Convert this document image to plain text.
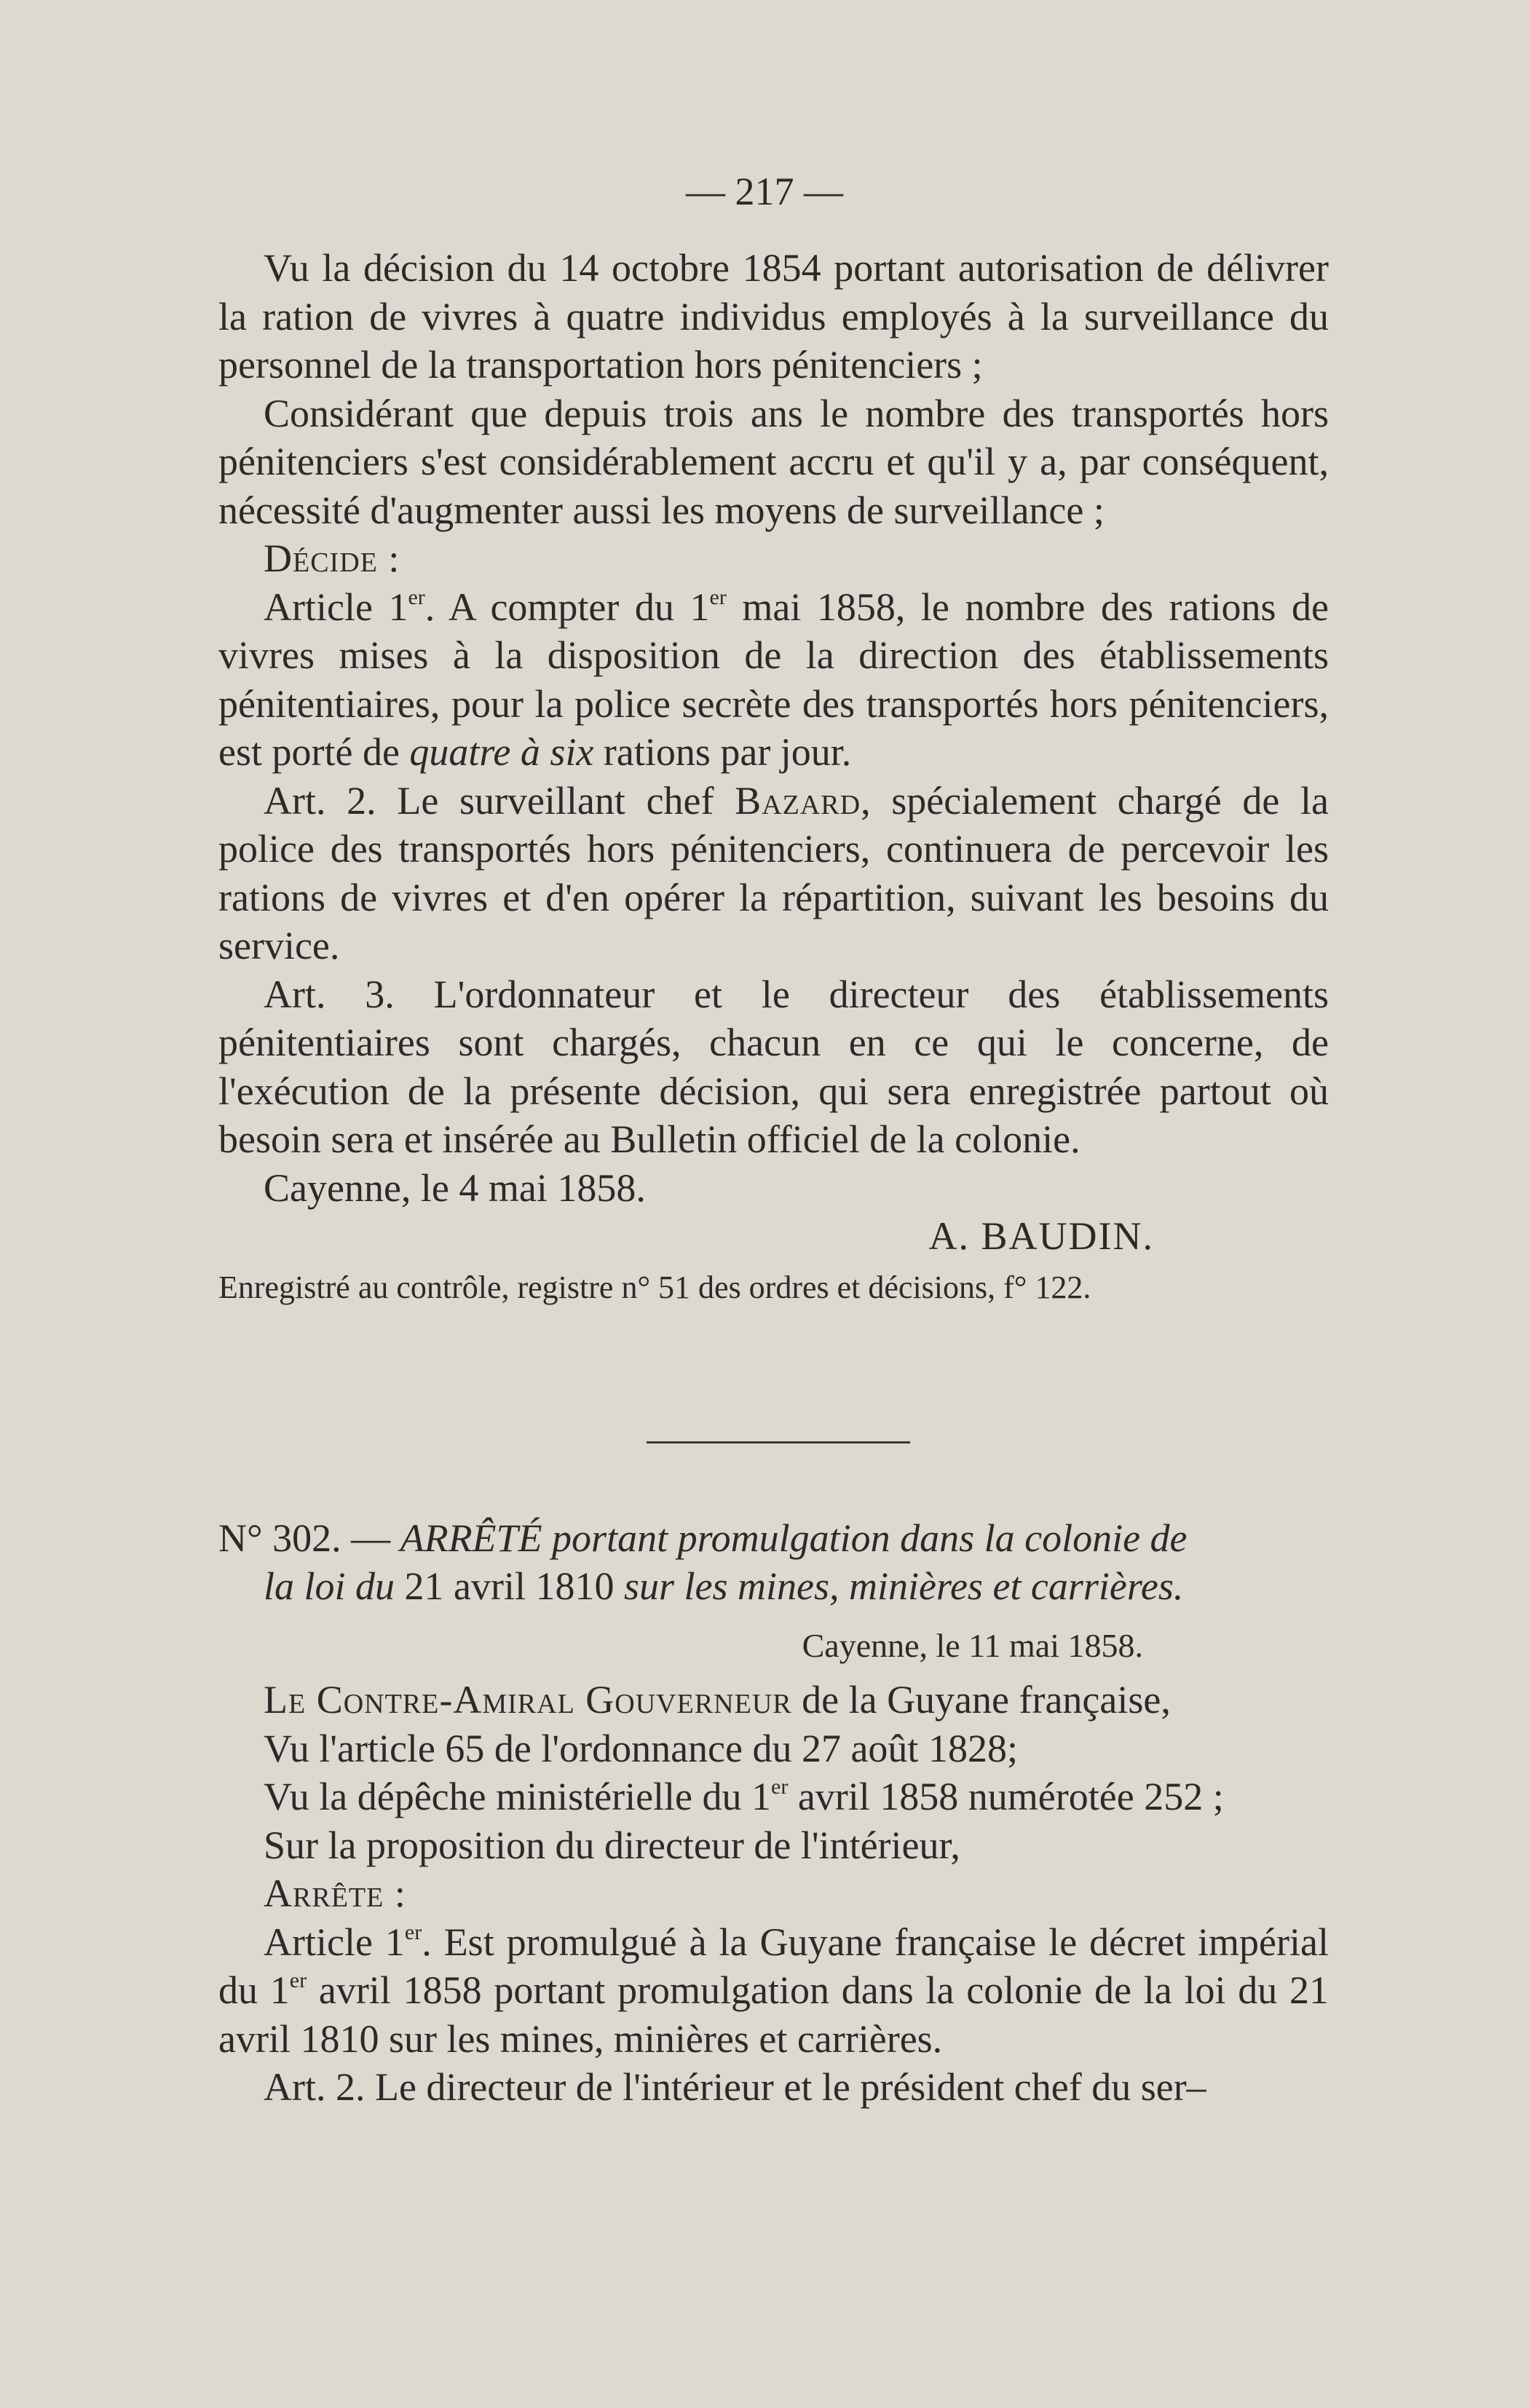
— 217 —

Vu la décision du 14 octobre 1854 portant autorisation de délivrer la ration de vivres à quatre individus employés à la surveillance du personnel de la transportation hors pénitenciers ;

Considérant que depuis trois ans le nombre des transportés hors pénitenciers s'est considérablement accru et qu'il y a, par conséquent, nécessité d'augmenter aussi les moyens de surveillance ;

Décide :

Article 1er. A compter du 1er mai 1858, le nombre des rations de vivres mises à la disposition de la direction des établissements pénitentiaires, pour la police secrète des transportés hors pénitenciers, est porté de quatre à six rations par jour.

Art. 2. Le surveillant chef Bazard, spécialement chargé de la police des transportés hors pénitenciers, continuera de percevoir les rations de vivres et d'en opérer la répartition, suivant les besoins du service.

Art. 3. L'ordonnateur et le directeur des établissements pénitentiaires sont chargés, chacun en ce qui le concerne, de l'exécution de la présente décision, qui sera enregistrée partout où besoin sera et insérée au Bulletin officiel de la colonie.

Cayenne, le 4 mai 1858.

A. BAUDIN.

Enregistré au contrôle, registre n° 51 des ordres et décisions, f° 122.

N° 302. — ARRÊTÉ portant promulgation dans la colonie de
la loi du 21 avril 1810 sur les mines, minières et carrières.

Cayenne, le 11 mai 1858.

Le Contre-Amiral Gouverneur de la Guyane française,

Vu l'article 65 de l'ordonnance du 27 août 1828;

Vu la dépêche ministérielle du 1er avril 1858 numérotée 252 ;

Sur la proposition du directeur de l'intérieur,

Arrête :

Article 1er. Est promulgué à la Guyane française le décret impérial du 1er avril 1858 portant promulgation dans la colonie de la loi du 21 avril 1810 sur les mines, minières et carrières.

Art. 2. Le directeur de l'intérieur et le président chef du ser–
